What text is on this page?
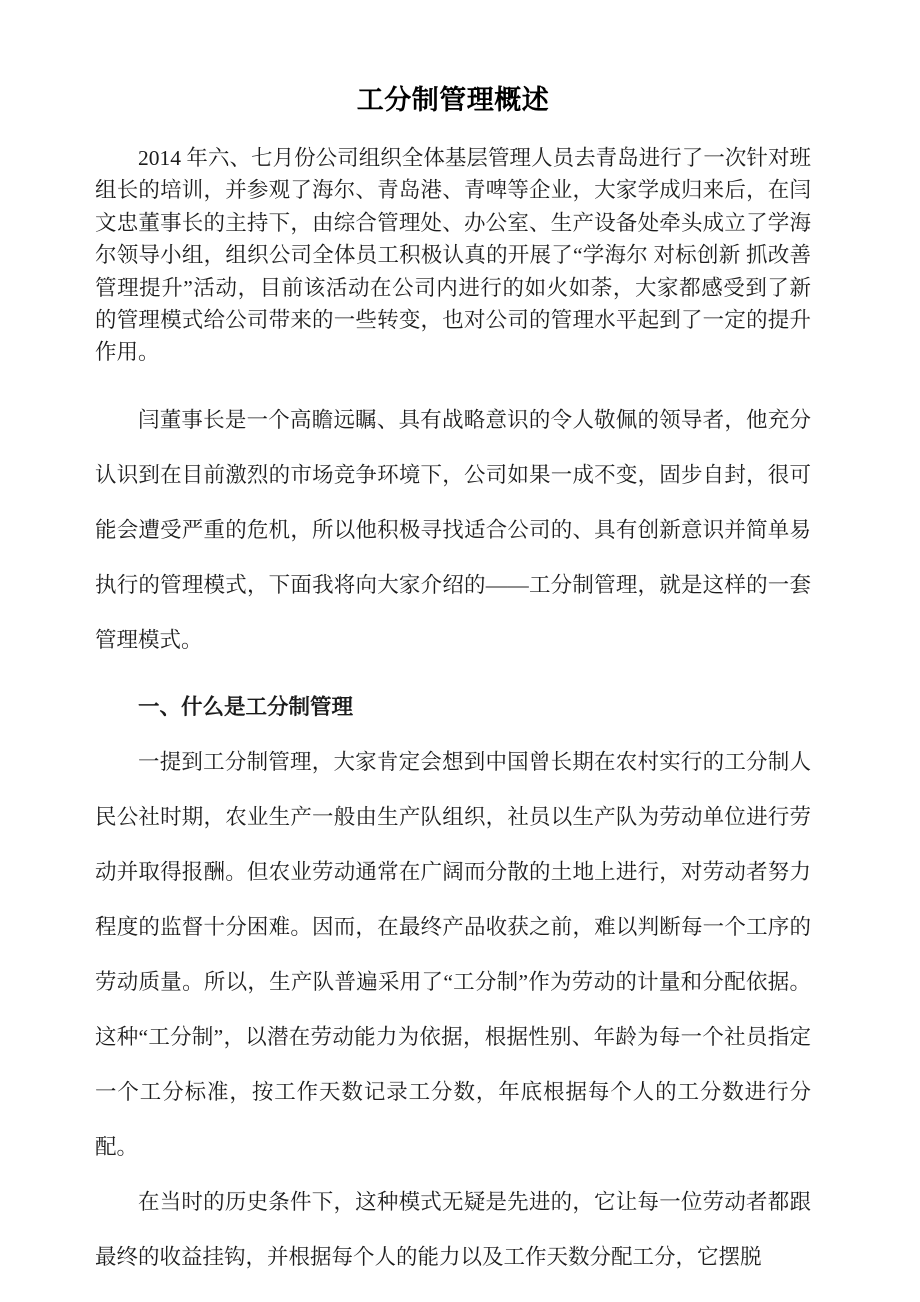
工分制管理概述

2014 年六、七月份公司组织全体基层管理人员去青岛进行了一次针对班组长的培训，并参观了海尔、青岛港、青啤等企业，大家学成归来后，在闫文忠董事长的主持下，由综合管理处、办公室、生产设备处牵头成立了学海尔领导小组，组织公司全体员工积极认真的开展了“学海尔 对标创新 抓改善 管理提升”活动，目前该活动在公司内进行的如火如荼，大家都感受到了新的管理模式给公司带来的一些转变，也对公司的管理水平起到了一定的提升作用。

闫董事长是一个高瞻远瞩、具有战略意识的令人敬佩的领导者，他充分认识到在目前激烈的市场竞争环境下，公司如果一成不变，固步自封，很可能会遭受严重的危机，所以他积极寻找适合公司的、具有创新意识并简单易执行的管理模式，下面我将向大家介绍的——工分制管理，就是这样的一套管理模式。

一、什么是工分制管理

一提到工分制管理，大家肯定会想到中国曾长期在农村实行的工分制人民公社时期，农业生产一般由生产队组织，社员以生产队为劳动单位进行劳动并取得报酬。但农业劳动通常在广阔而分散的土地上进行，对劳动者努力程度的监督十分困难。因而，在最终产品收获之前，难以判断每一个工序的劳动质量。所以，生产队普遍采用了“工分制”作为劳动的计量和分配依据。这种“工分制”，以潜在劳动能力为依据，根据性别、年龄为每一个社员指定一个工分标准，按工作天数记录工分数，年底根据每个人的工分数进行分配。

在当时的历史条件下，这种模式无疑是先进的，它让每一位劳动者都跟最终的收益挂钩，并根据每个人的能力以及工作天数分配工分，它摆脱
